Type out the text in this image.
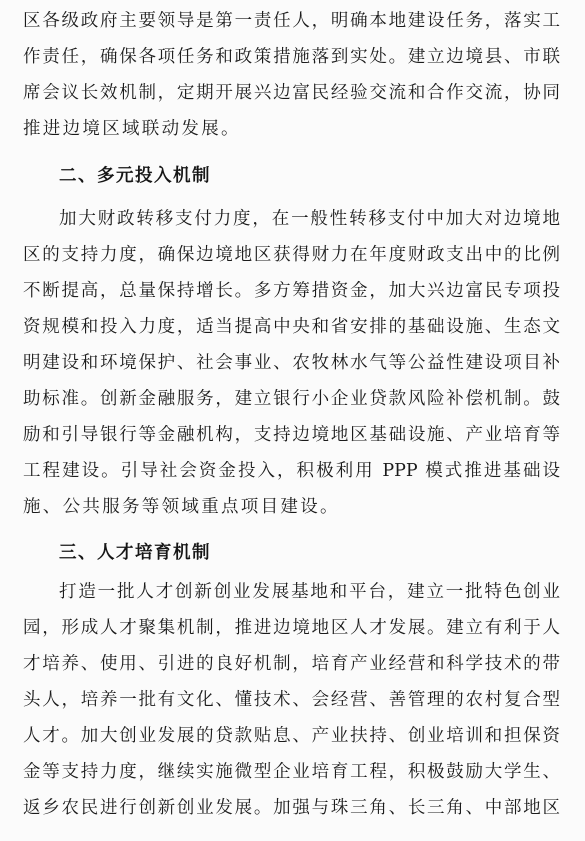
区各级政府主要领导是第一责任人，明确本地建设任务，落实工
作责任，确保各项任务和政策措施落到实处。建立边境县、市联
席会议长效机制，定期开展兴边富民经验交流和合作交流，协同
推进边境区域联动发展。
二、多元投入机制
加大财政转移支付力度，在一般性转移支付中加大对边境地
区的支持力度，确保边境地区获得财力在年度财政支出中的比例
不断提高，总量保持增长。多方筹措资金，加大兴边富民专项投
资规模和投入力度，适当提高中央和省安排的基础设施、生态文
明建设和环境保护、社会事业、农牧林水气等公益性建设项目补
助标准。创新金融服务，建立银行小企业贷款风险补偿机制。鼓
励和引导银行等金融机构，支持边境地区基础设施、产业培育等
工程建设。引导社会资金投入，积极利用 PPP 模式推进基础设
施、公共服务等领域重点项目建设。
三、人才培育机制
打造一批人才创新创业发展基地和平台，建立一批特色创业
园，形成人才聚集机制，推进边境地区人才发展。建立有利于人
才培养、使用、引进的良好机制，培育产业经营和科学技术的带
头人，培养一批有文化、懂技术、会经营、善管理的农村复合型
人才。加大创业发展的贷款贴息、产业扶持、创业培训和担保资
金等支持力度，继续实施微型企业培育工程，积极鼓励大学生、
返乡农民进行创新创业发展。加强与珠三角、长三角、中部地区
